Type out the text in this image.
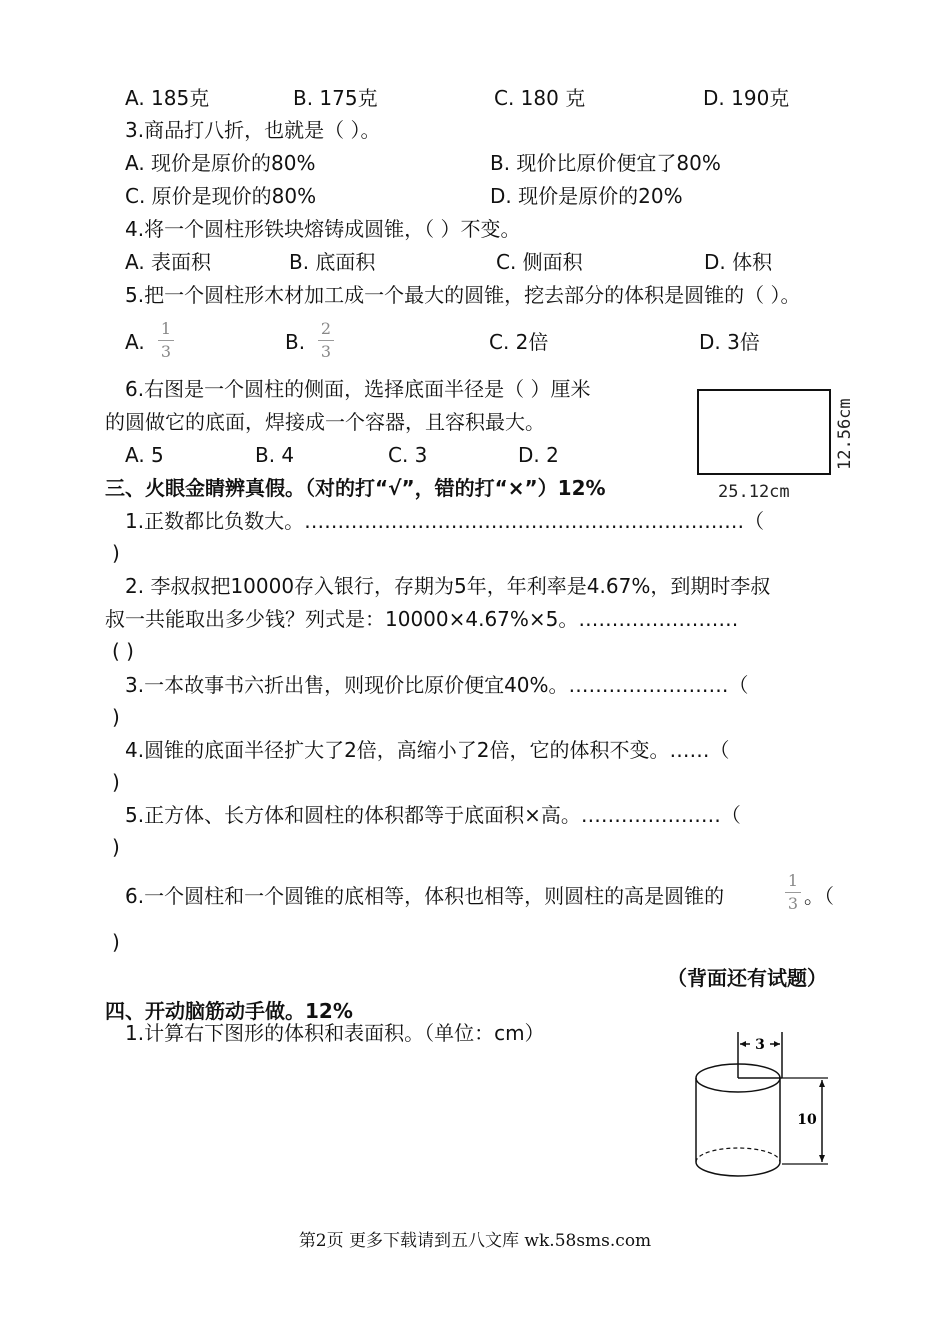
A. 185克	B. 175克	C. 180 克	D. 190克
3.商品打八折，也就是（ ）。
A. 现价是原价的80%	B. 现价比原价便宜了80%
C. 原价是现价的80%	D. 现价是原价的20%
4.将一个圆柱形铁块熔铸成圆锥，（ ）不变。
A. 表面积	B. 底面积	C. 侧面积	D. 体积
5.把一个圆柱形木材加工成一个最大的圆锥，挖去部分的体积是圆锥的（ ）。
A.
1
3	B.
2
3	C. 2倍	D. 3倍
6.右图是一个圆柱的侧面，选择底面半径是（ ）厘米
的圆做它的底面，焊接成一个容器，且容积最大。
A. 5	B. 4	C. 3	D. 2
25.12cm
12.56cm
三、火眼金睛辨真假。（对的打“√”，错的打“×”）12%
1.正数都比负数大。…………………………………………………………（
)
2. 李叔叔把10000存入银行，存期为5年，年利率是4.67%，到期时李叔
叔一共能取出多少钱？列式是：10000×4.67%×5。……………………
( )
3.一本故事书六折出售，则现价比原价便宜40%。……………………（
)
4.圆锥的底面半径扩大了2倍，高缩小了2倍，它的体积不变。……（
)
5.正方体、长方体和圆柱的体积都等于底面积×高。…………………（
)
6.一个圆柱和一个圆锥的底相等，体积也相等，则圆柱的高是圆锥的
1
3 。（
)
（背面还有试题）
四、开动脑筋动手做。12%
1.计算右下图形的体积和表面积。（单位：cm）	3
10
第2页 更多下载请到五八文库 wk.58sms.com
